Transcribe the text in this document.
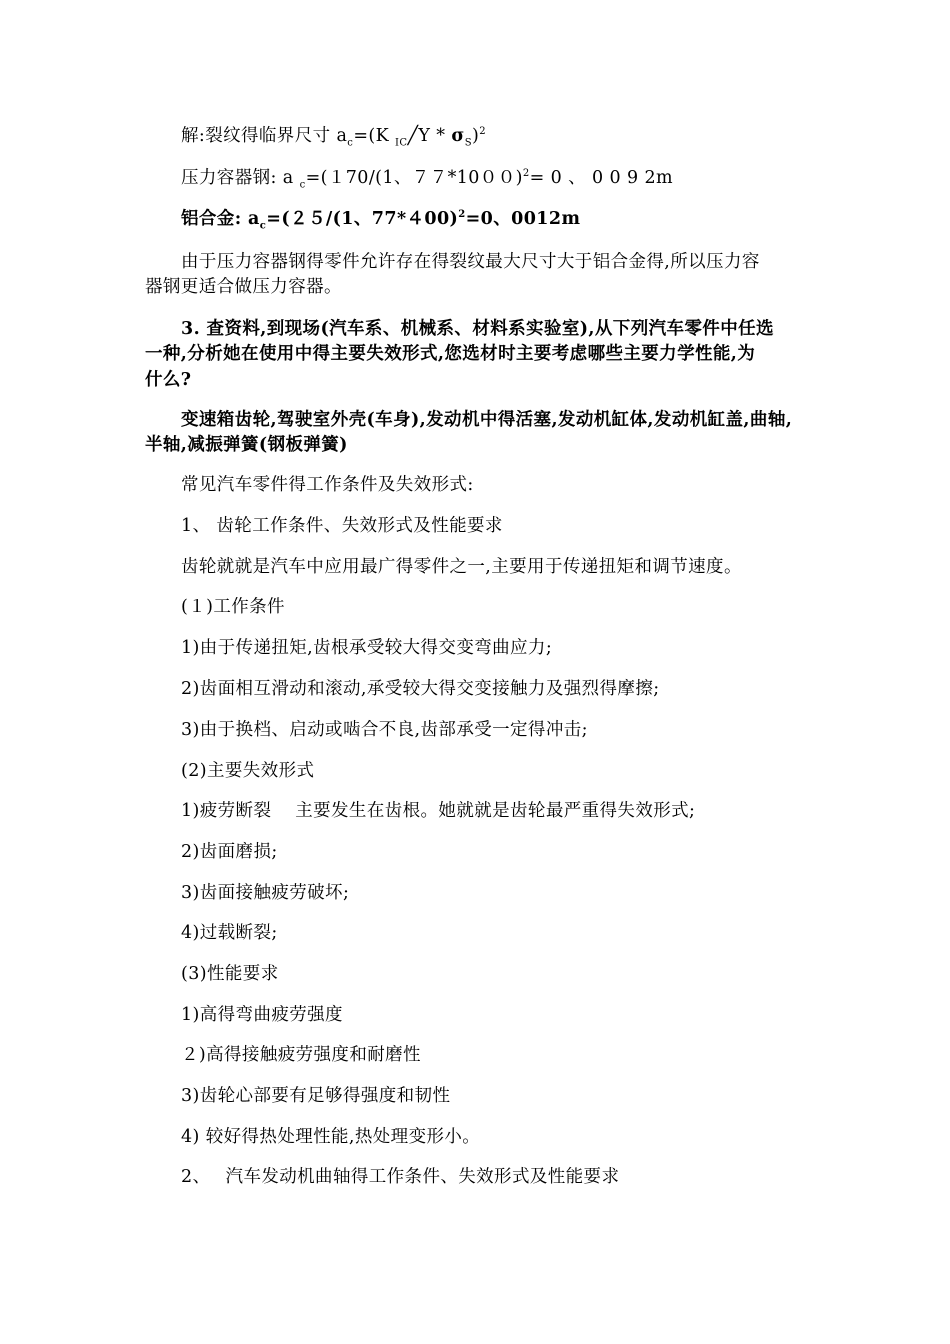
解:裂纹得临界尺寸 $a_c=(K$ $_{IC}$╱Y * $\sigma_S)^2$
压力容器钢: a $_c$=(１70/(1、７７*10００)$^2$= 0 、 0 0 9 2m
铝合金: $a_c=(25/(1$、77*４00)$^2$=0、0012m
由于压力容器钢得零件允许存在得裂纹最大尺寸大于铝合金得,所以压力容
器钢更适合做压力容器。
3. 查资料,到现场(汽车系、机械系、材料系实验室),从下列汽车零件中任选
一种,分析她在使用中得主要失效形式,您选材时主要考虑哪些主要力学性能,为
什么?
变速箱齿轮,驾驶室外壳(车身),发动机中得活塞,发动机缸体,发动机缸盖,曲轴,
半轴,减振弹簧(钢板弹簧)
常见汽车零件得工作条件及失效形式:
1、 齿轮工作条件、失效形式及性能要求
齿轮就就是汽车中应用最广得零件之一,主要用于传递扭矩和调节速度。
(１)工作条件
1)由于传递扭矩,齿根承受较大得交变弯曲应力;
2)齿面相互滑动和滚动,承受较大得交变接触力及强烈得摩擦;
3)由于换档、启动或啮合不良,齿部承受一定得冲击;
(2)主要失效形式
1)疲劳断裂　 主要发生在齿根。她就就是齿轮最严重得失效形式;
2)齿面磨损;
3)齿面接触疲劳破坏;
4)过载断裂;
(3)性能要求
1)高得弯曲疲劳强度
２)高得接触疲劳强度和耐磨性
3)齿轮心部要有足够得强度和韧性
4) 较好得热处理性能,热处理变形小。
2、　 汽车发动机曲轴得工作条件、失效形式及性能要求
